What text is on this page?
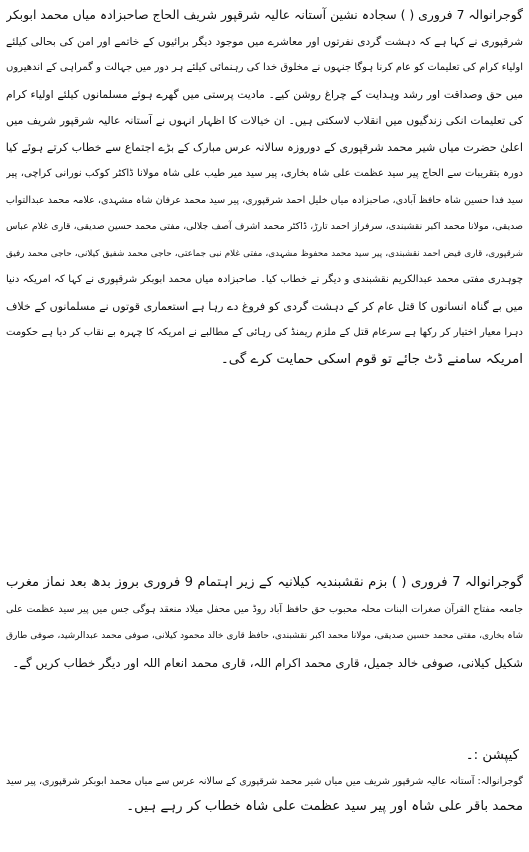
گوجرانوالہ 7 فروری ( ) سجادہ نشین آستانہ عالیہ شرقپور شریف الحاج صاحبزادہ میاں محمد ابوبکر
شرقپوری نے کہا ہے کہ دہشت گردی نفرتوں اور معاشرے میں موجود دیگر برائیوں کے خاتمے اور امن کی بحالی کیلئے
اولیاء کرام کی تعلیمات کو عام کرنا ہوگا جنہوں نے مخلوق خدا کی رہنمائی کیلئے ہر دور میں جہالت و گمراہی کے اندھیروں
میں حق وصداقت اور رشد وہدایت کے چراغ روشن کیے۔ مادیت پرستی میں گھرے ہوئے مسلمانوں کیلئے اولیاء کرام
کی تعلیمات انکی زندگیوں میں انقلاب لاسکتی ہیں۔ ان خیالات کا اظہار انہوں نے آستانہ عالیہ شرقپور شریف میں
اعلیٰ حضرت میاں شیر محمد شرقپوری کے دوروزہ سالانہ عرس مبارک کے بڑے اجتماع سے خطاب کرتے ہوئے کیا
دورہ بتقریبات سے الحاج پیر سید عظمت علی شاہ بخاری، پیر سید میر طیب علی شاہ مولانا ڈاکٹر کوکب نورانی کراچی، پیر
سید فدا حسین شاہ حافظ آبادی، صاحبزادہ میاں خلیل احمد شرقپوری، پیر سید محمد عرفان شاہ مشہدی، علامہ محمد عبدالتواب
صدیقی، مولانا محمد اکبر نقشبندی، سرفراز احمد تارڑ، ڈاکٹر محمد اشرف آصف جلالی، مفتی محمد حسین صدیقی، قاری غلام عباس
شرقپوری، قاری فیض احمد نقشبندی، پیر سید محمد محفوظ مشہدی، مفتی غلام نبی جماعتی، حاجی محمد شفیق کیلانی، حاجی محمد رفیق
چوہدری مفتی محمد عبدالکریم نقشبندی و دیگر نے خطاب کیا۔ صاحبزادہ میاں محمد ابوبکر شرقپوری نے کہا کہ امریکہ دنیا
میں بے گناہ انسانوں کا قتل عام کر کے دہشت گردی کو فروغ دے رہا ہے استعماری قوتوں نے مسلمانوں کے خلاف
دہرا معیار اختیار کر رکھا ہے سرعام قتل کے ملزم ریمنڈ کی رہائی کے مطالبے نے امریکہ کا چہرہ بے نقاب کر دیا ہے حکومت
امریکہ سامنے ڈٹ جائے تو قوم اسکی حمایت کرے گی۔
گوجرانوالہ 7 فروری ( ) بزم نقشبندیہ کیلانیہ کے زیر اہتمام 9 فروری بروز بدھ بعد نماز مغرب
جامعہ مفتاح القرآن صغرات البنات محلہ محبوب حق حافظ آباد روڈ میں محفل میلاد منعقد ہوگی جس میں پیر سید عظمت علی
شاہ بخاری، مفتی محمد حسین صدیقی، مولانا محمد اکبر نقشبندی، حافظ قاری خالد محمود کیلانی، صوفی محمد عبدالرشید، صوفی طارق
شکیل کیلانی، صوفی خالد جمیل، قاری محمد اکرام اللہ، قاری محمد انعام اللہ اور دیگر خطاب کریں گے۔
کیپشن :۔
گوجرانوالہ: آستانہ عالیہ شرقپور شریف میں میاں شیر محمد شرقپوری کے سالانہ عرس سے میاں محمد ابوبکر شرقپوری، پیر سید
محمد باقر علی شاہ اور پیر سید عظمت علی شاہ خطاب کر رہے ہیں۔
